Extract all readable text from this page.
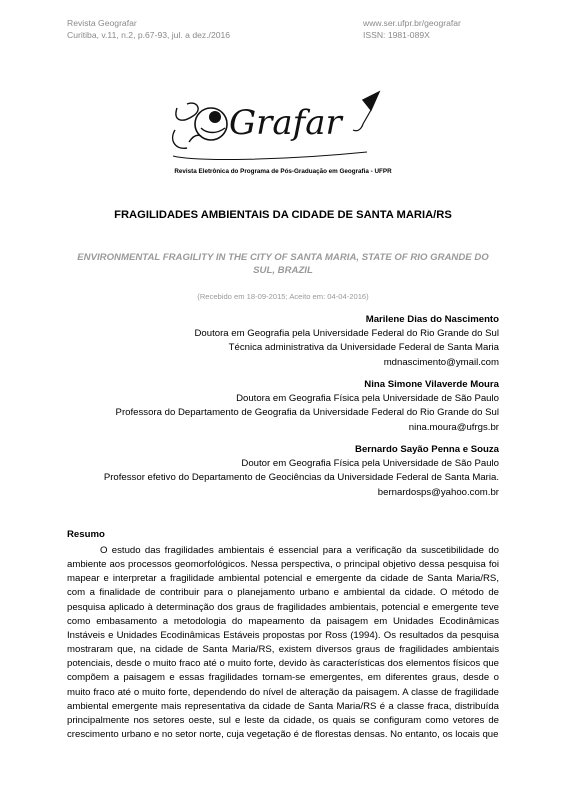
Revista Geografar
Curitiba, v.11, n.2, p.67-93, jul. a dez./2016
www.ser.ufpr.br/geografar
ISSN: 1981-089X
Grafar
Revista Eletrônica do Programa de Pós-Graduação em Geografia - UFPR
FRAGILIDADES AMBIENTAIS DA CIDADE DE SANTA MARIA/RS
ENVIRONMENTAL FRAGILITY IN THE CITY OF SANTA MARIA, STATE OF RIO GRANDE DO SUL, BRAZIL
(Recebido em 18-09-2015; Aceito em: 04-04-2016)
Marilene Dias do Nascimento
Doutora em Geografia pela Universidade Federal do Rio Grande do Sul
Técnica administrativa da Universidade Federal de Santa Maria
mdnascimento@ymail.com
Nina Simone Vilaverde Moura
Doutora em Geografia Física pela Universidade de São Paulo
Professora do Departamento de Geografia da Universidade Federal do Rio Grande do Sul
nina.moura@ufrgs.br
Bernardo Sayão Penna e Souza
Doutor em Geografia Física pela Universidade de São Paulo
Professor efetivo do Departamento de Geociências da Universidade Federal de Santa Maria.
bernardosps@yahoo.com.br
Resumo
O estudo das fragilidades ambientais é essencial para a verificação da suscetibilidade do ambiente aos processos geomorfológicos. Nessa perspectiva, o principal objetivo dessa pesquisa foi mapear e interpretar a fragilidade ambiental potencial e emergente da cidade de Santa Maria/RS, com a finalidade de contribuir para o planejamento urbano e ambiental da cidade. O método de pesquisa aplicado à determinação dos graus de fragilidades ambientais, potencial e emergente teve como embasamento a metodologia do mapeamento da paisagem em Unidades Ecodinâmicas Instáveis e Unidades Ecodinâmicas Estáveis propostas por Ross (1994). Os resultados da pesquisa mostraram que, na cidade de Santa Maria/RS, existem diversos graus de fragilidades ambientais potenciais, desde o muito fraco até o muito forte, devido às características dos elementos físicos que compõem a paisagem e essas fragilidades tornam-se emergentes, em diferentes graus, desde o muito fraco até o muito forte, dependendo do nível de alteração da paisagem. A classe de fragilidade ambiental emergente mais representativa da cidade de Santa Maria/RS é a classe fraca, distribuída principalmente nos setores oeste, sul e leste da cidade, os quais se configuram como vetores de crescimento urbano e no setor norte, cuja vegetação é de florestas densas. No entanto, os locais que
